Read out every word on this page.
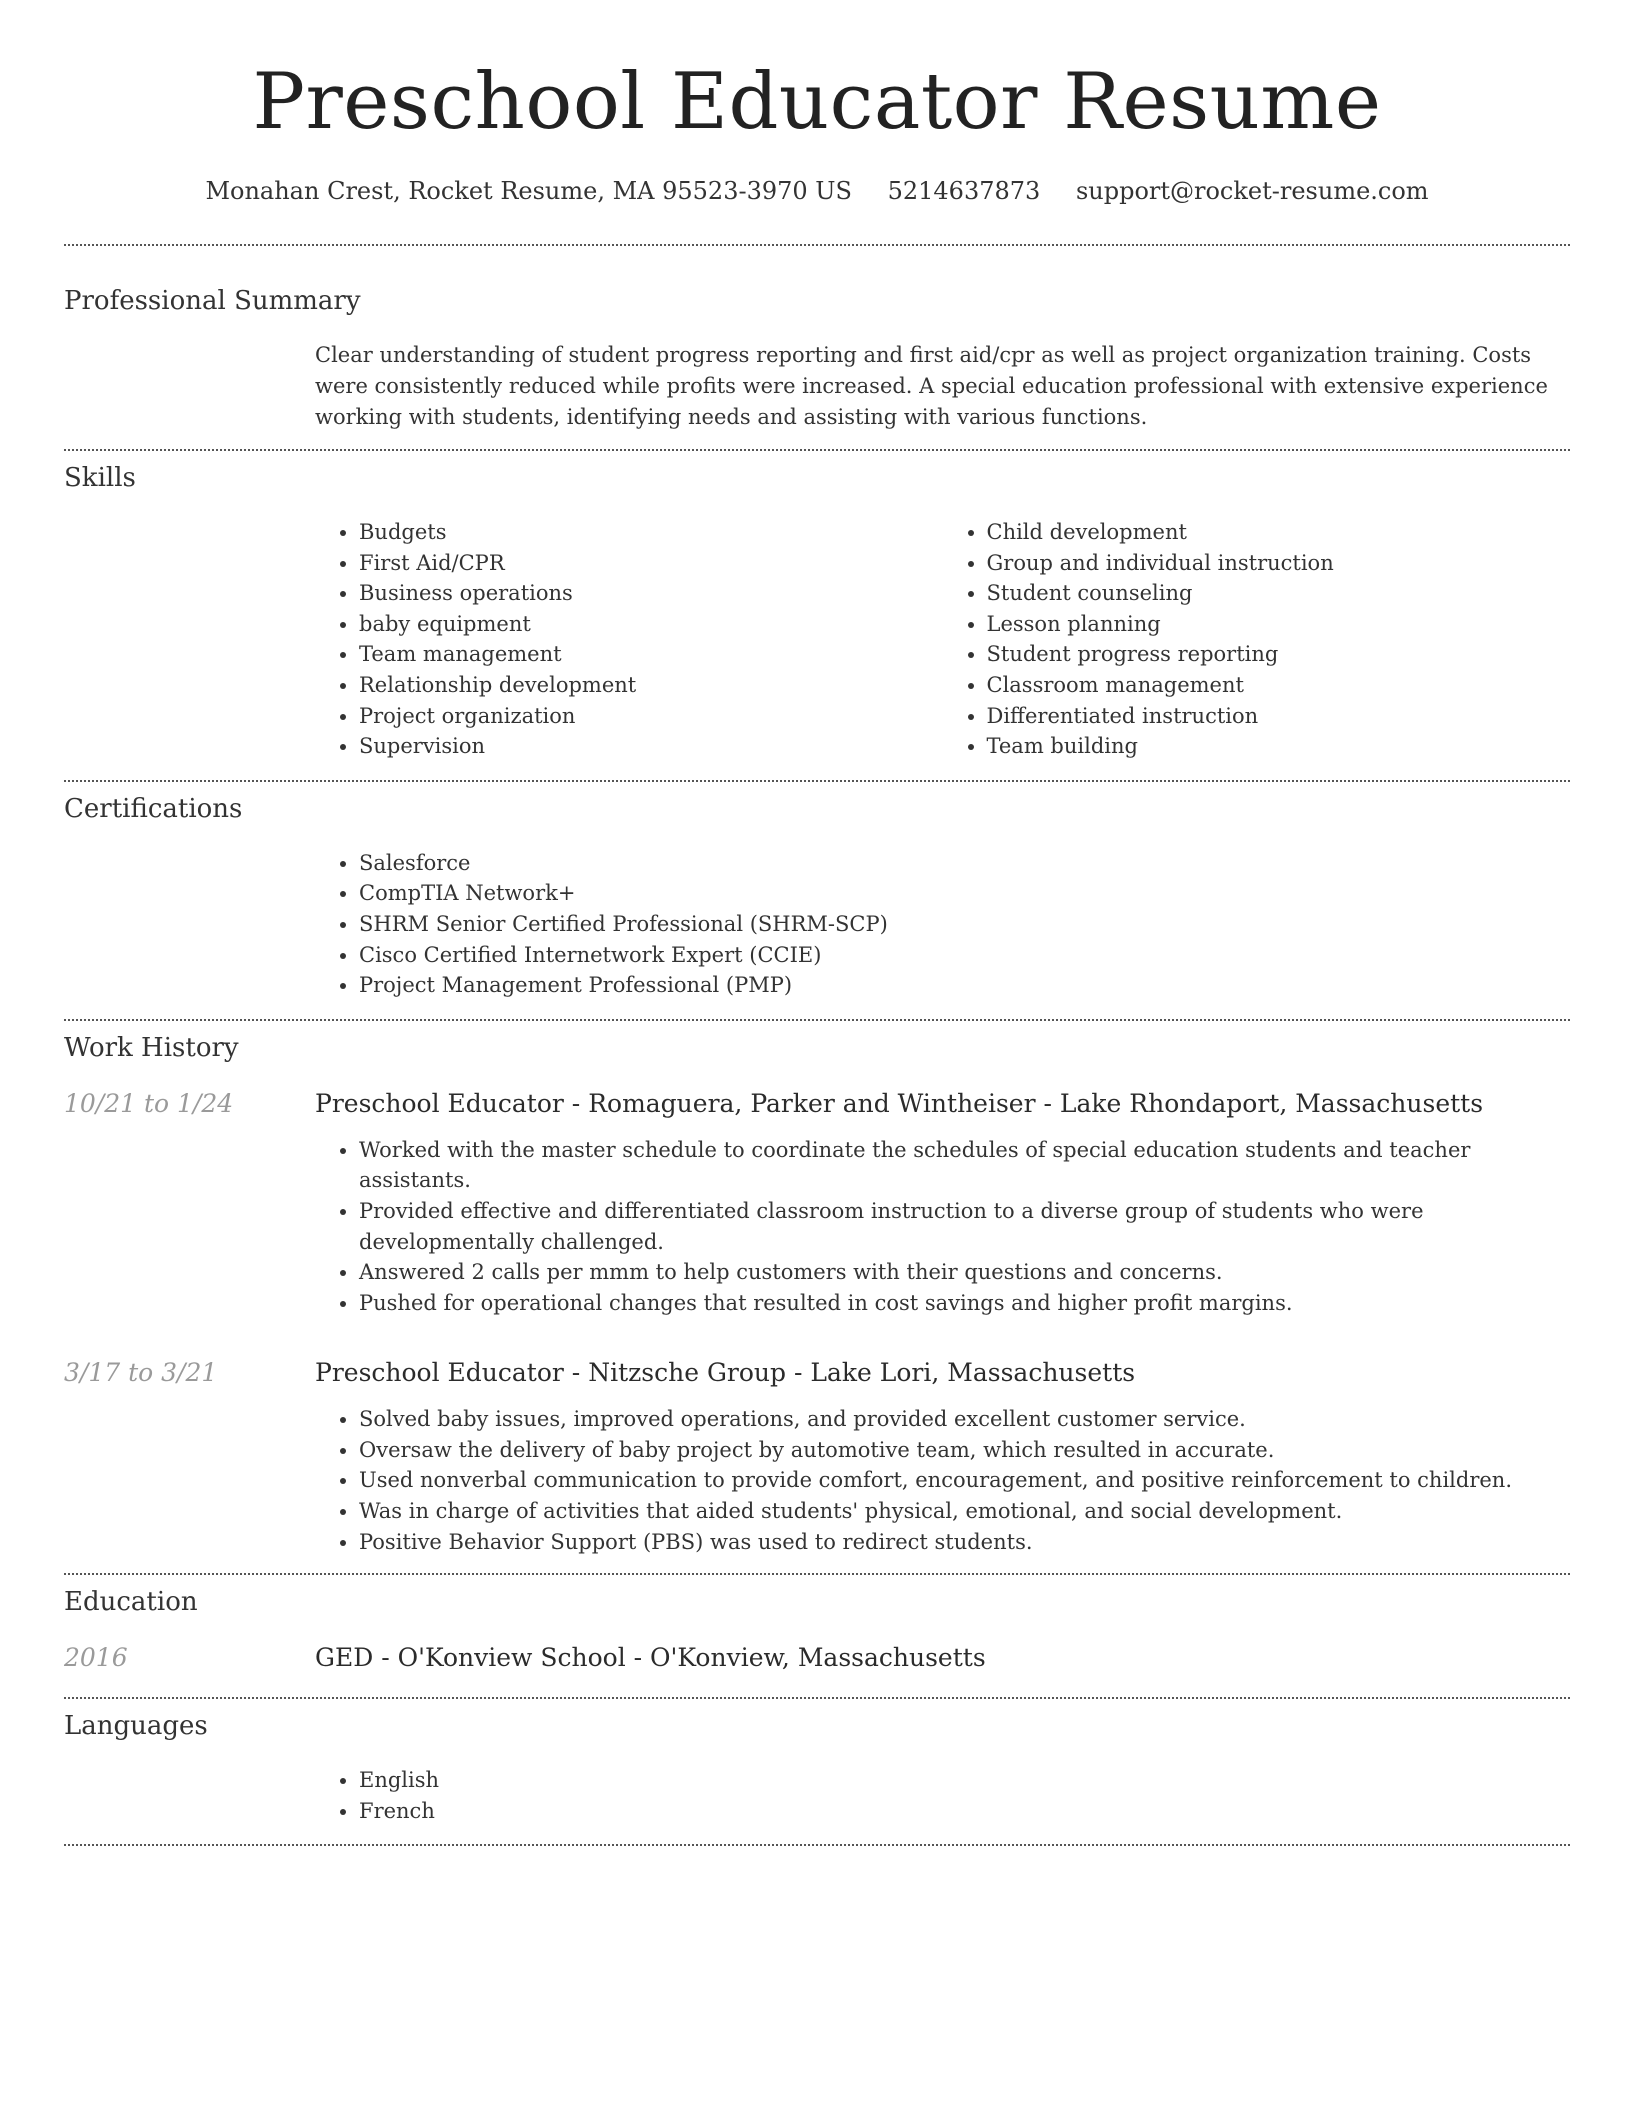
Preschool Educator Resume
Monahan Crest, Rocket Resume, MA 95523-3970 US 5214637873 support@rocket-resume.com
Professional Summary
Clear understanding of student progress reporting and first aid/cpr as well as project organization training. Costs were consistently reduced while profits were increased. A special education professional with extensive experience working with students, identifying needs and assisting with various functions.
Skills
• Budgets
• First Aid/CPR
• Business operations
• baby equipment
• Team management
• Relationship development
• Project organization
• Supervision
• Child development
• Group and individual instruction
• Student counseling
• Lesson planning
• Student progress reporting
• Classroom management
• Differentiated instruction
• Team building
Certifications
• Salesforce
• CompTIA Network+
• SHRM Senior Certified Professional (SHRM-SCP)
• Cisco Certified Internetwork Expert (CCIE)
• Project Management Professional (PMP)
Work History
10/21 to 1/24	Preschool Educator - Romaguera, Parker and Wintheiser - Lake Rhondaport, Massachusetts
• Worked with the master schedule to coordinate the schedules of special education students and teacher assistants.
• Provided effective and differentiated classroom instruction to a diverse group of students who were developmentally challenged.
• Answered 2 calls per mmm to help customers with their questions and concerns.
• Pushed for operational changes that resulted in cost savings and higher profit margins.
3/17 to 3/21	Preschool Educator - Nitzsche Group - Lake Lori, Massachusetts
• Solved baby issues, improved operations, and provided excellent customer service.
• Oversaw the delivery of baby project by automotive team, which resulted in accurate.
• Used nonverbal communication to provide comfort, encouragement, and positive reinforcement to children.
• Was in charge of activities that aided students' physical, emotional, and social development.
• Positive Behavior Support (PBS) was used to redirect students.
Education
2016	GED - O'Konview School - O'Konview, Massachusetts
Languages
• English
• French
